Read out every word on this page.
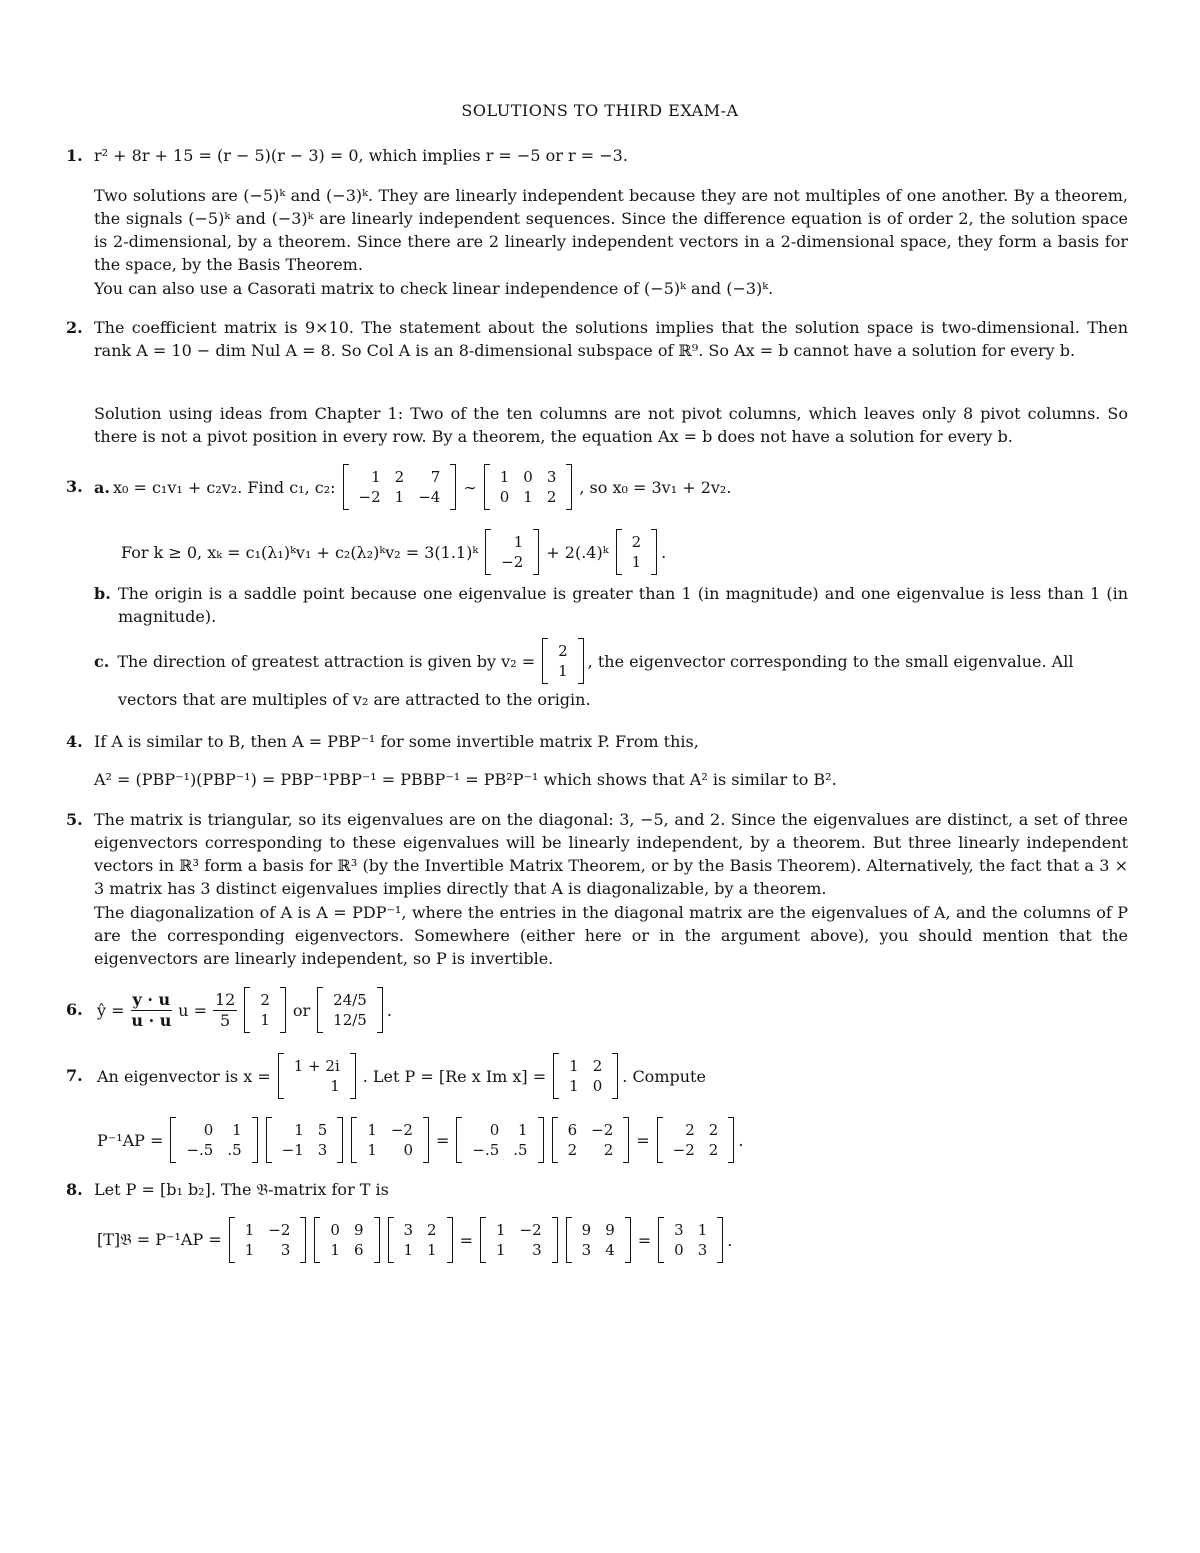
SOLUTIONS TO THIRD EXAM-A
1. r² + 8r + 15 = (r − 5)(r − 3) = 0, which implies r = −5 or r = −3.
Two solutions are (−5)ᵏ and (−3)ᵏ. They are linearly independent because they are not multiples of one another. By a theorem, the signals (−5)ᵏ and (−3)ᵏ are linearly independent sequences. Since the difference equation is of order 2, the solution space is 2-dimensional, by a theorem. Since there are 2 linearly independent vectors in a 2-dimensional space, they form a basis for the space, by the Basis Theorem.
You can also use a Casorati matrix to check linear independence of (−5)ᵏ and (−3)ᵏ.
2. The coefficient matrix is 9×10. The statement about the solutions implies that the solution space is two-dimensional. Then rank A = 10 − dim Nul A = 8. So Col A is an 8-dimensional subspace of ℝ⁹. So Ax = b cannot have a solution for every b.
Solution using ideas from Chapter 1: Two of the ten columns are not pivot columns, which leaves only 8 pivot columns. So there is not a pivot position in every row. By a theorem, the equation Ax = b does not have a solution for every b.
3. a. x₀ = c₁v₁ + c₂v₂. Find c₁, c₂:
1	2	7
−2	1	−4
∼
1	0	3
0	1	2
, so x₀ = 3v₁ + 2v₂.
For k ≥ 0, xₖ = c₁(λ₁)ᵏv₁ + c₂(λ₂)ᵏv₂ = 3(1.1)ᵏ
1
−2
+ 2(.4)ᵏ
2
1
.
b. The origin is a saddle point because one eigenvalue is greater than 1 (in magnitude) and one eigenvalue is less than 1 (in magnitude).
c. The direction of greatest attraction is given by v₂ =
2
1
, the eigenvector corresponding to the small eigenvalue. All
vectors that are multiples of v₂ are attracted to the origin.
4. If A is similar to B, then A = PBP⁻¹ for some invertible matrix P. From this,
A² = (PBP⁻¹)(PBP⁻¹) = PBP⁻¹PBP⁻¹ = PBBP⁻¹ = PB²P⁻¹ which shows that A² is similar to B².
5. The matrix is triangular, so its eigenvalues are on the diagonal: 3, −5, and 2. Since the eigenvalues are distinct, a set of three eigenvectors corresponding to these eigenvalues will be linearly independent, by a theorem. But three linearly independent vectors in ℝ³ form a basis for ℝ³ (by the Invertible Matrix Theorem, or by the Basis Theorem). Alternatively, the fact that a 3 × 3 matrix has 3 distinct eigenvalues implies directly that A is diagonalizable, by a theorem.
The diagonalization of A is A = PDP⁻¹, where the entries in the diagonal matrix are the eigenvalues of A, and the columns of P are the corresponding eigenvectors. Somewhere (either here or in the argument above), you should mention that the eigenvectors are linearly independent, so P is invertible.
6. ŷ = $\frac{y \cdot u}{u \cdot u}$ $u = \frac{12}{5} 2$
1
or
24/5
12/5
.
7. An eigenvector is x =
1 + 2i
1
. Let P = [Re x Im x] =
1	2
1	0
. Compute
P⁻¹AP =
0	1
−.5	.5
1	5
−1	3
1	−2
1	0
=
0	1
−.5	.5
6	−2
2	2
=
2	2
−2	2
.
8. Let P = [b₁ b₂]. The 𝔅-matrix for T is
[T]𝔅 = P⁻¹AP = 1	−2
1	3
0	9
1	6
3	2
1	1
=
1	−2
1	3
9	9
3	4
=
3	1
0	3
.
